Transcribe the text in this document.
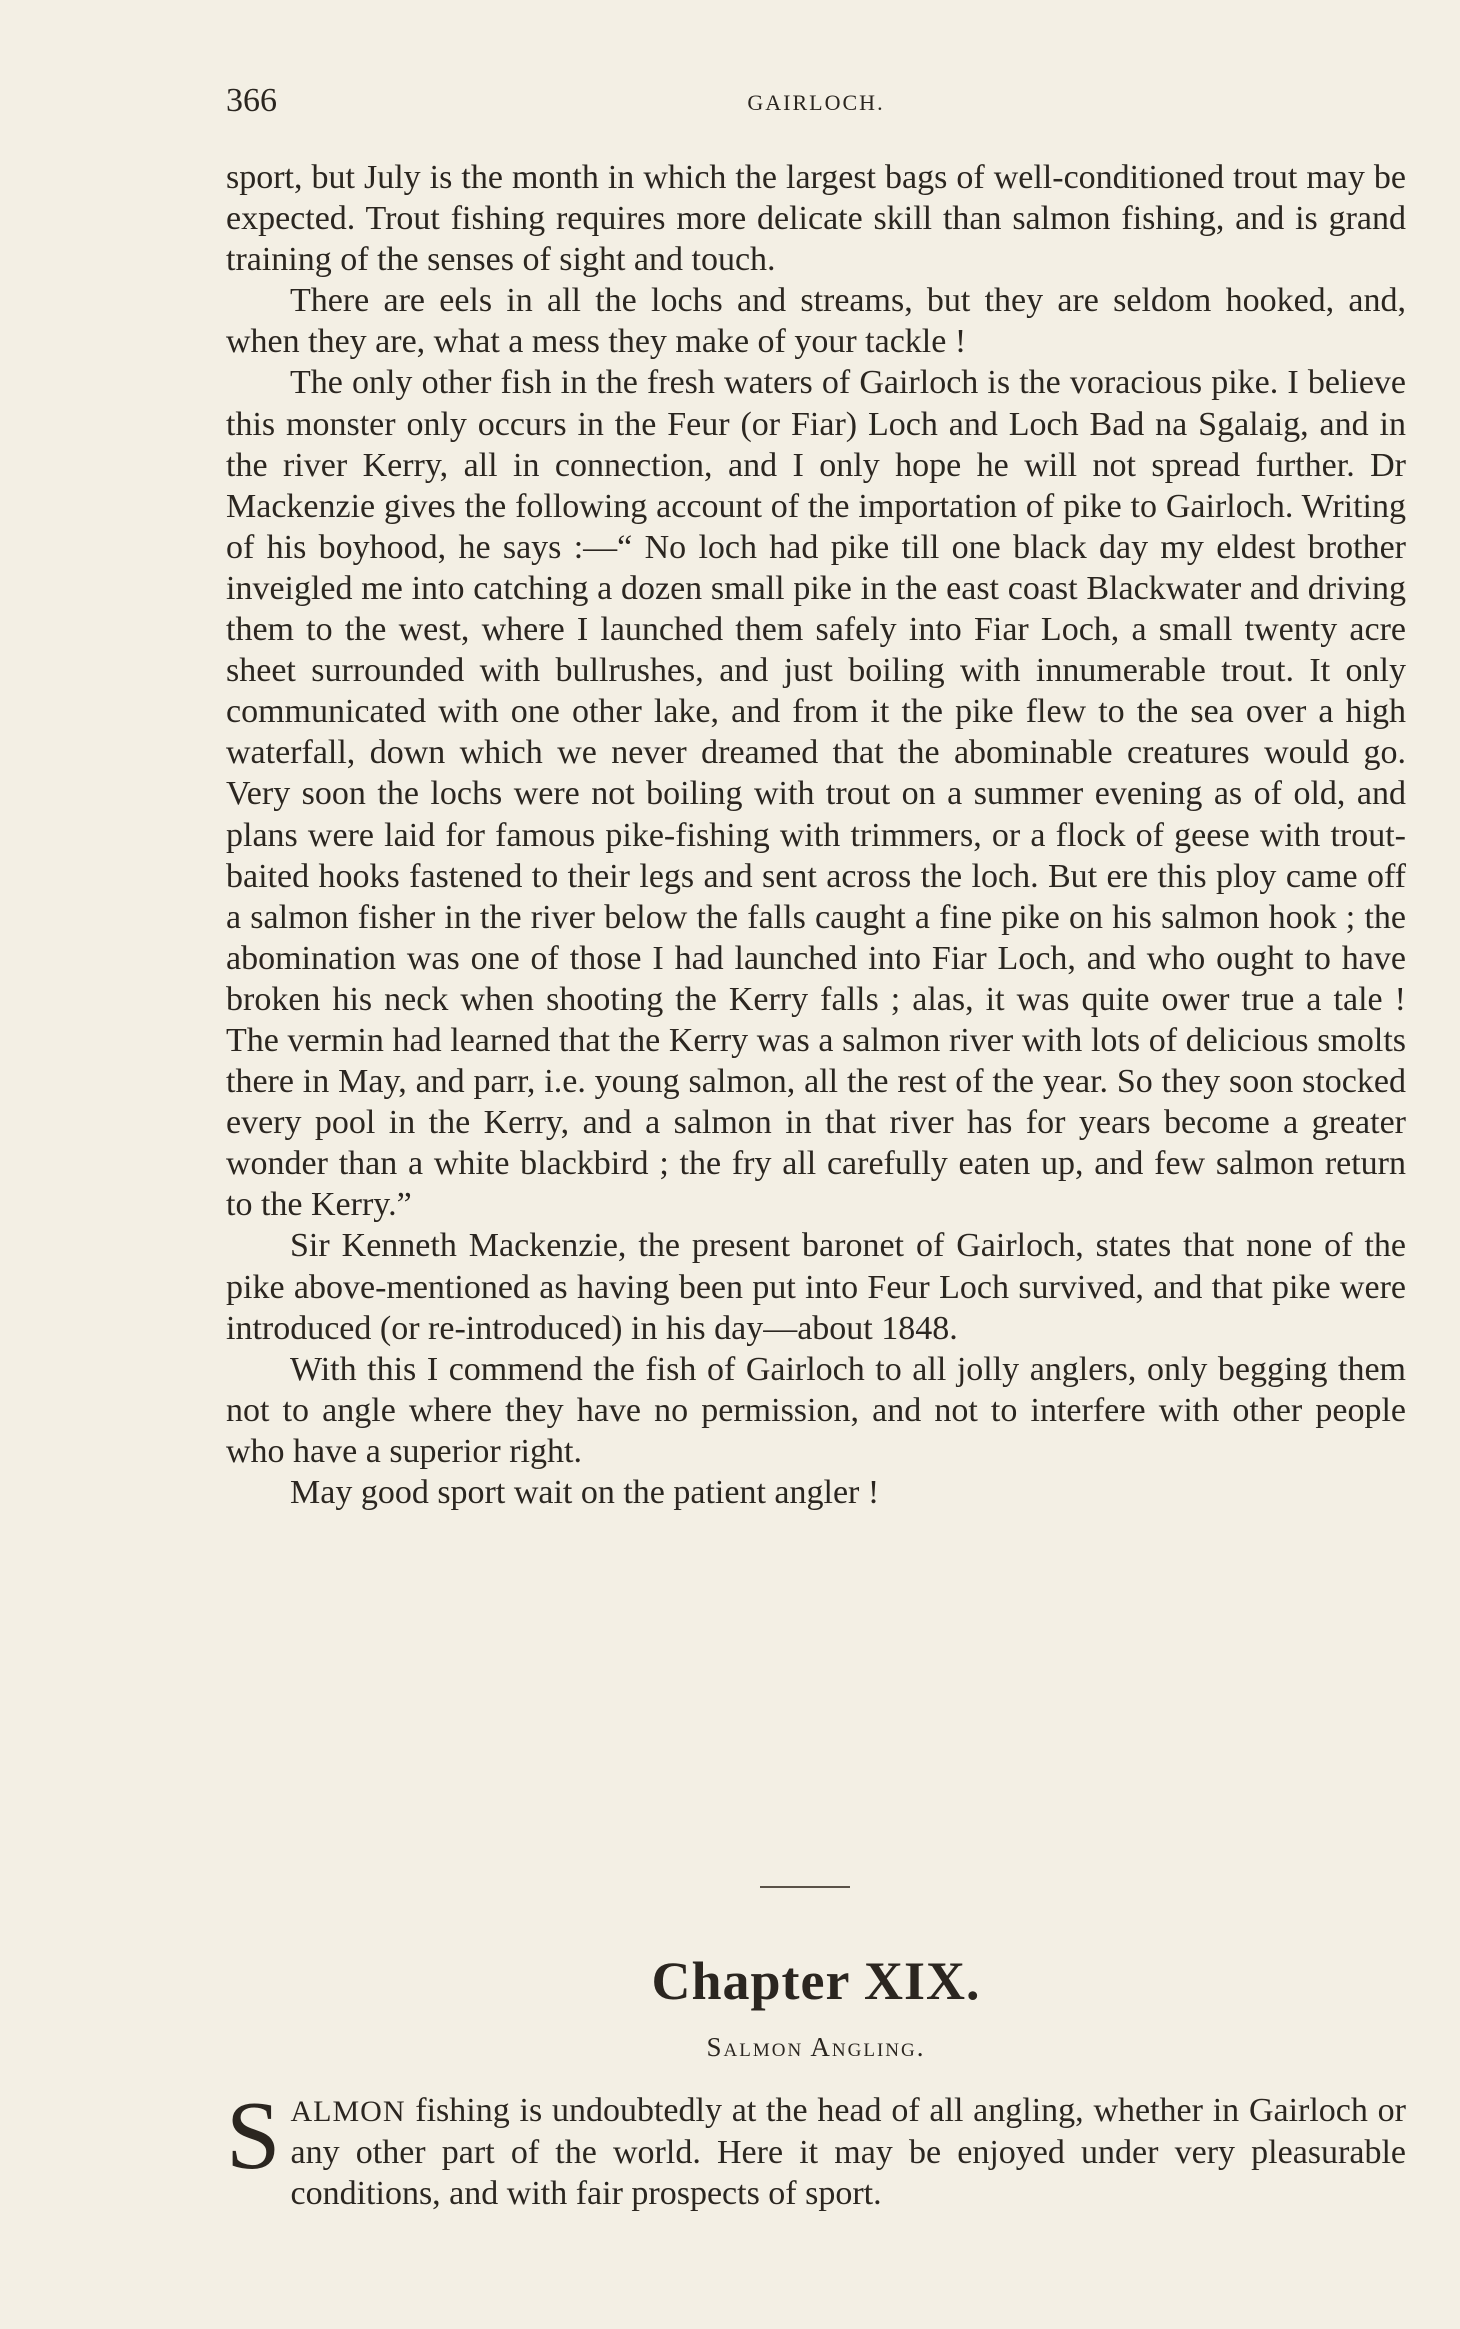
366	GAIRLOCH.

sport, but July is the month in which the largest bags of well-conditioned trout may be expected. Trout fishing requires more delicate skill than salmon fishing, and is grand training of the senses of sight and touch.

There are eels in all the lochs and streams, but they are seldom hooked, and, when they are, what a mess they make of your tackle !

The only other fish in the fresh waters of Gairloch is the voracious pike. I believe this monster only occurs in the Feur (or Fiar) Loch and Loch Bad na Sgalaig, and in the river Kerry, all in connection, and I only hope he will not spread further. Dr Mackenzie gives the following account of the importation of pike to Gairloch. Writing of his boyhood, he says :—“ No loch had pike till one black day my eldest brother inveigled me into catching a dozen small pike in the east coast Blackwater and driving them to the west, where I launched them safely into Fiar Loch, a small twenty acre sheet surrounded with bullrushes, and just boiling with innumerable trout. It only communicated with one other lake, and from it the pike flew to the sea over a high waterfall, down which we never dreamed that the abominable creatures would go. Very soon the lochs were not boiling with trout on a summer evening as of old, and plans were laid for famous pike-fishing with trimmers, or a flock of geese with trout-baited hooks fastened to their legs and sent across the loch. But ere this ploy came off a salmon fisher in the river below the falls caught a fine pike on his salmon hook ; the abomination was one of those I had launched into Fiar Loch, and who ought to have broken his neck when shooting the Kerry falls ; alas, it was quite ower true a tale ! The vermin had learned that the Kerry was a salmon river with lots of delicious smolts there in May, and parr, i.e. young salmon, all the rest of the year. So they soon stocked every pool in the Kerry, and a salmon in that river has for years become a greater wonder than a white blackbird ; the fry all carefully eaten up, and few salmon return to the Kerry.”

Sir Kenneth Mackenzie, the present baronet of Gairloch, states that none of the pike above-mentioned as having been put into Feur Loch survived, and that pike were introduced (or re-introduced) in his day—about 1848.

With this I commend the fish of Gairloch to all jolly anglers, only begging them not to angle where they have no permission, and not to interfere with other people who have a superior right.

May good sport wait on the patient angler !

Chapter XIX.
Salmon Angling.

SALMON fishing is undoubtedly at the head of all angling, whether in Gairloch or any other part of the world. Here it may be enjoyed under very pleasurable conditions, and with fair prospects of sport.
